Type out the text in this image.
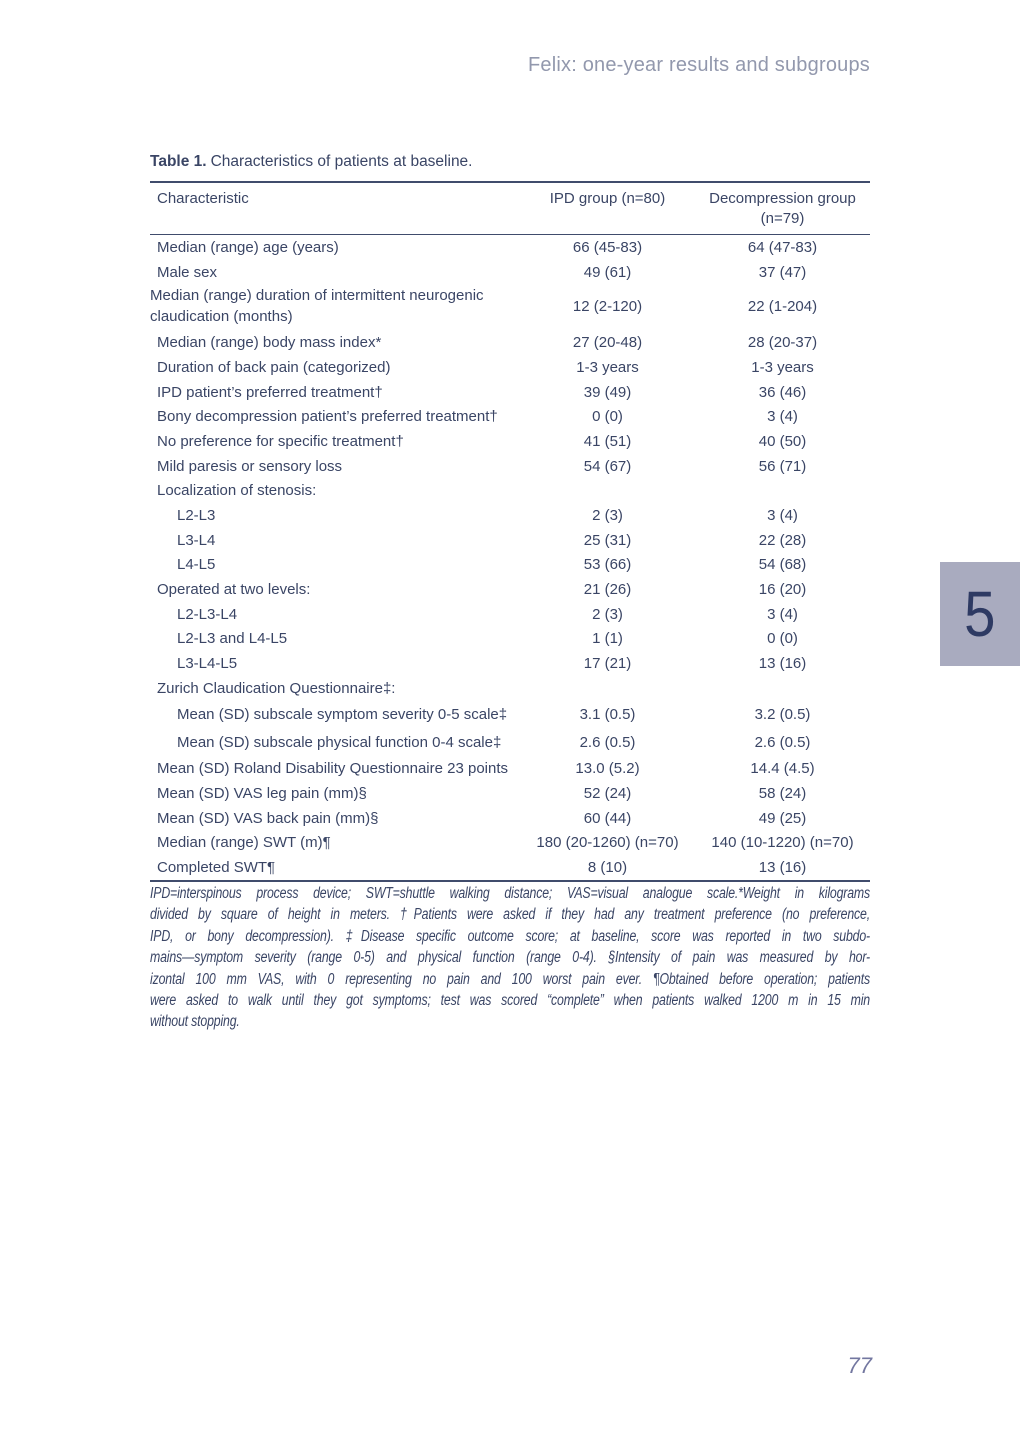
Felix: one-year results and subgroups
Table 1. Characteristics of patients at baseline.
Characteristic	IPD group (n=80)	Decompression group
(n=79)

Median (range) age (years)	66 (45-83)	64 (47-83)
Male sex	49 (61)	37 (47)
Median (range) duration of intermittent neurogenic claudication (months)	12 (2-120)	22 (1-204)
Median (range) body mass index*	27 (20-48)	28 (20-37)
Duration of back pain (categorized)	1-3 years	1-3 years
IPD patient’s preferred treatment†	39 (49)	36 (46)
Bony decompression patient’s preferred treatment†	0 (0)	3 (4)
No preference for specific treatment†	41 (51)	40 (50)
Mild paresis or sensory loss	54 (67)	56 (71)
Localization of stenosis:		
L2-L3	2 (3)	3 (4)
L3-L4	25 (31)	22 (28)
L4-L5	53 (66)	54 (68)
Operated at two levels:	21 (26)	16 (20)
L2-L3-L4	2 (3)	3 (4)
L2-L3 and L4-L5	1 (1)	0 (0)
L3-L4-L5	17 (21)	13 (16)
Zurich Claudication Questionnaire‡:		
Mean (SD) subscale symptom severity 0-5 scale‡	3.1 (0.5)	3.2 (0.5)
Mean (SD) subscale physical function 0-4 scale‡	2.6 (0.5)	2.6 (0.5)
Mean (SD) Roland Disability Questionnaire 23 points	13.0 (5.2)	14.4 (4.5)
Mean (SD) VAS leg pain (mm)§	52 (24)	58 (24)
Mean (SD) VAS back pain (mm)§	60 (44)	49 (25)
Median (range) SWT (m)¶	180 (20-1260) (n=70)	140 (10-1220) (n=70)
Completed SWT¶	8 (10)	13 (16)
IPD=interspinous process device; SWT=shuttle walking distance; VAS=visual analogue scale.*Weight in kilograms
divided by square of height in meters. †Patients were asked if they had any treatment preference (no preference,
IPD, or bony decompression). ‡Disease specific outcome score; at baseline, score was reported in two subdo-
mains—symptom severity (range 0-5) and physical function (range 0-4). §Intensity of pain was measured by hor-
izontal 100 mm VAS, with 0 representing no pain and 100 worst pain ever. ¶Obtained before operation; patients
were asked to walk until they got symptoms; test was scored “complete” when patients walked 1200 m in 15 min
without stopping.
5
77
